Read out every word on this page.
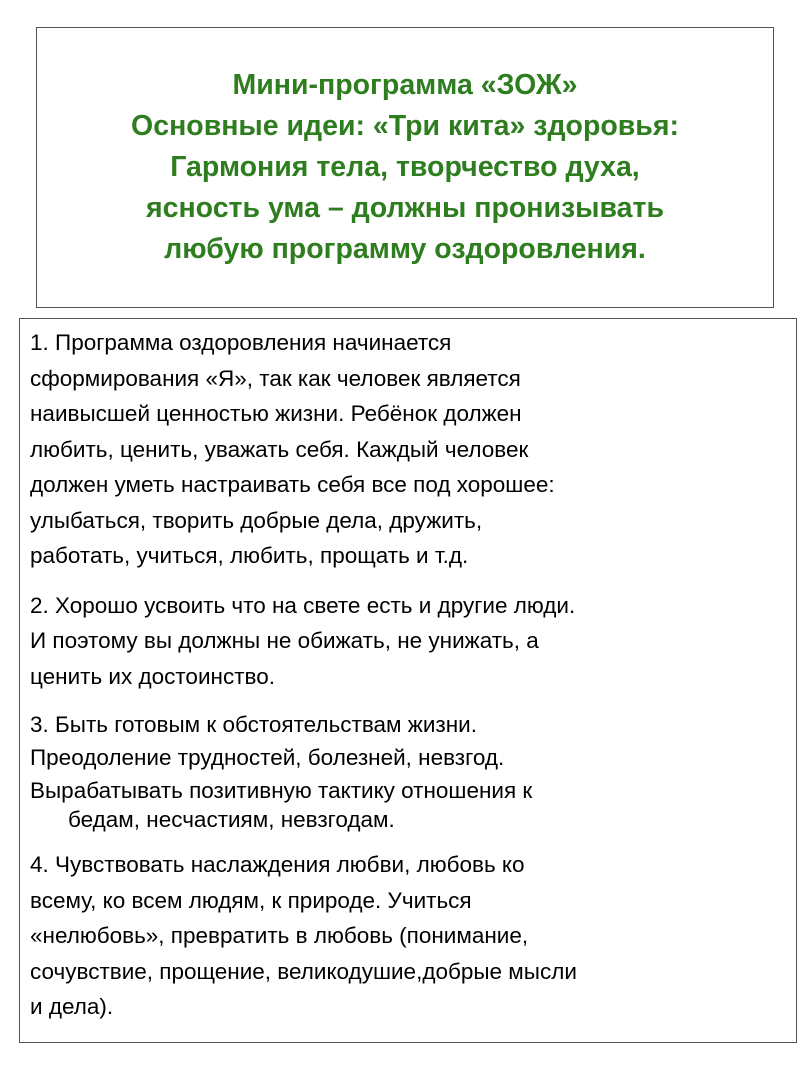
Мини-программа «ЗОЖ»
Основные идеи: «Три кита» здоровья:
Гармония тела, творчество духа,
ясность ума – должны пронизывать
любую программу оздоровления.
1. Программа оздоровления начинается
сформирования «Я», так как человек является
наивысшей ценностью жизни. Ребёнок должен
любить, ценить, уважать себя. Каждый человек
должен уметь настраивать себя все под хорошее:
улыбаться, творить добрые дела, дружить,
работать, учиться, любить, прощать и т.д.
2. Хорошо усвоить что на свете есть и другие люди.
И поэтому вы должны не обижать, не унижать, а
ценить их достоинство.
3. Быть готовым к обстоятельствам жизни.
Преодоление трудностей, болезней, невзгод.
Вырабатывать позитивную тактику отношения к
бедам, несчастиям, невзгодам.
4. Чувствовать наслаждения любви, любовь ко
всему, ко всем людям, к природе. Учиться
«нелюбовь», превратить в любовь (понимание,
сочувствие, прощение, великодушие,добрые мысли
и дела).
